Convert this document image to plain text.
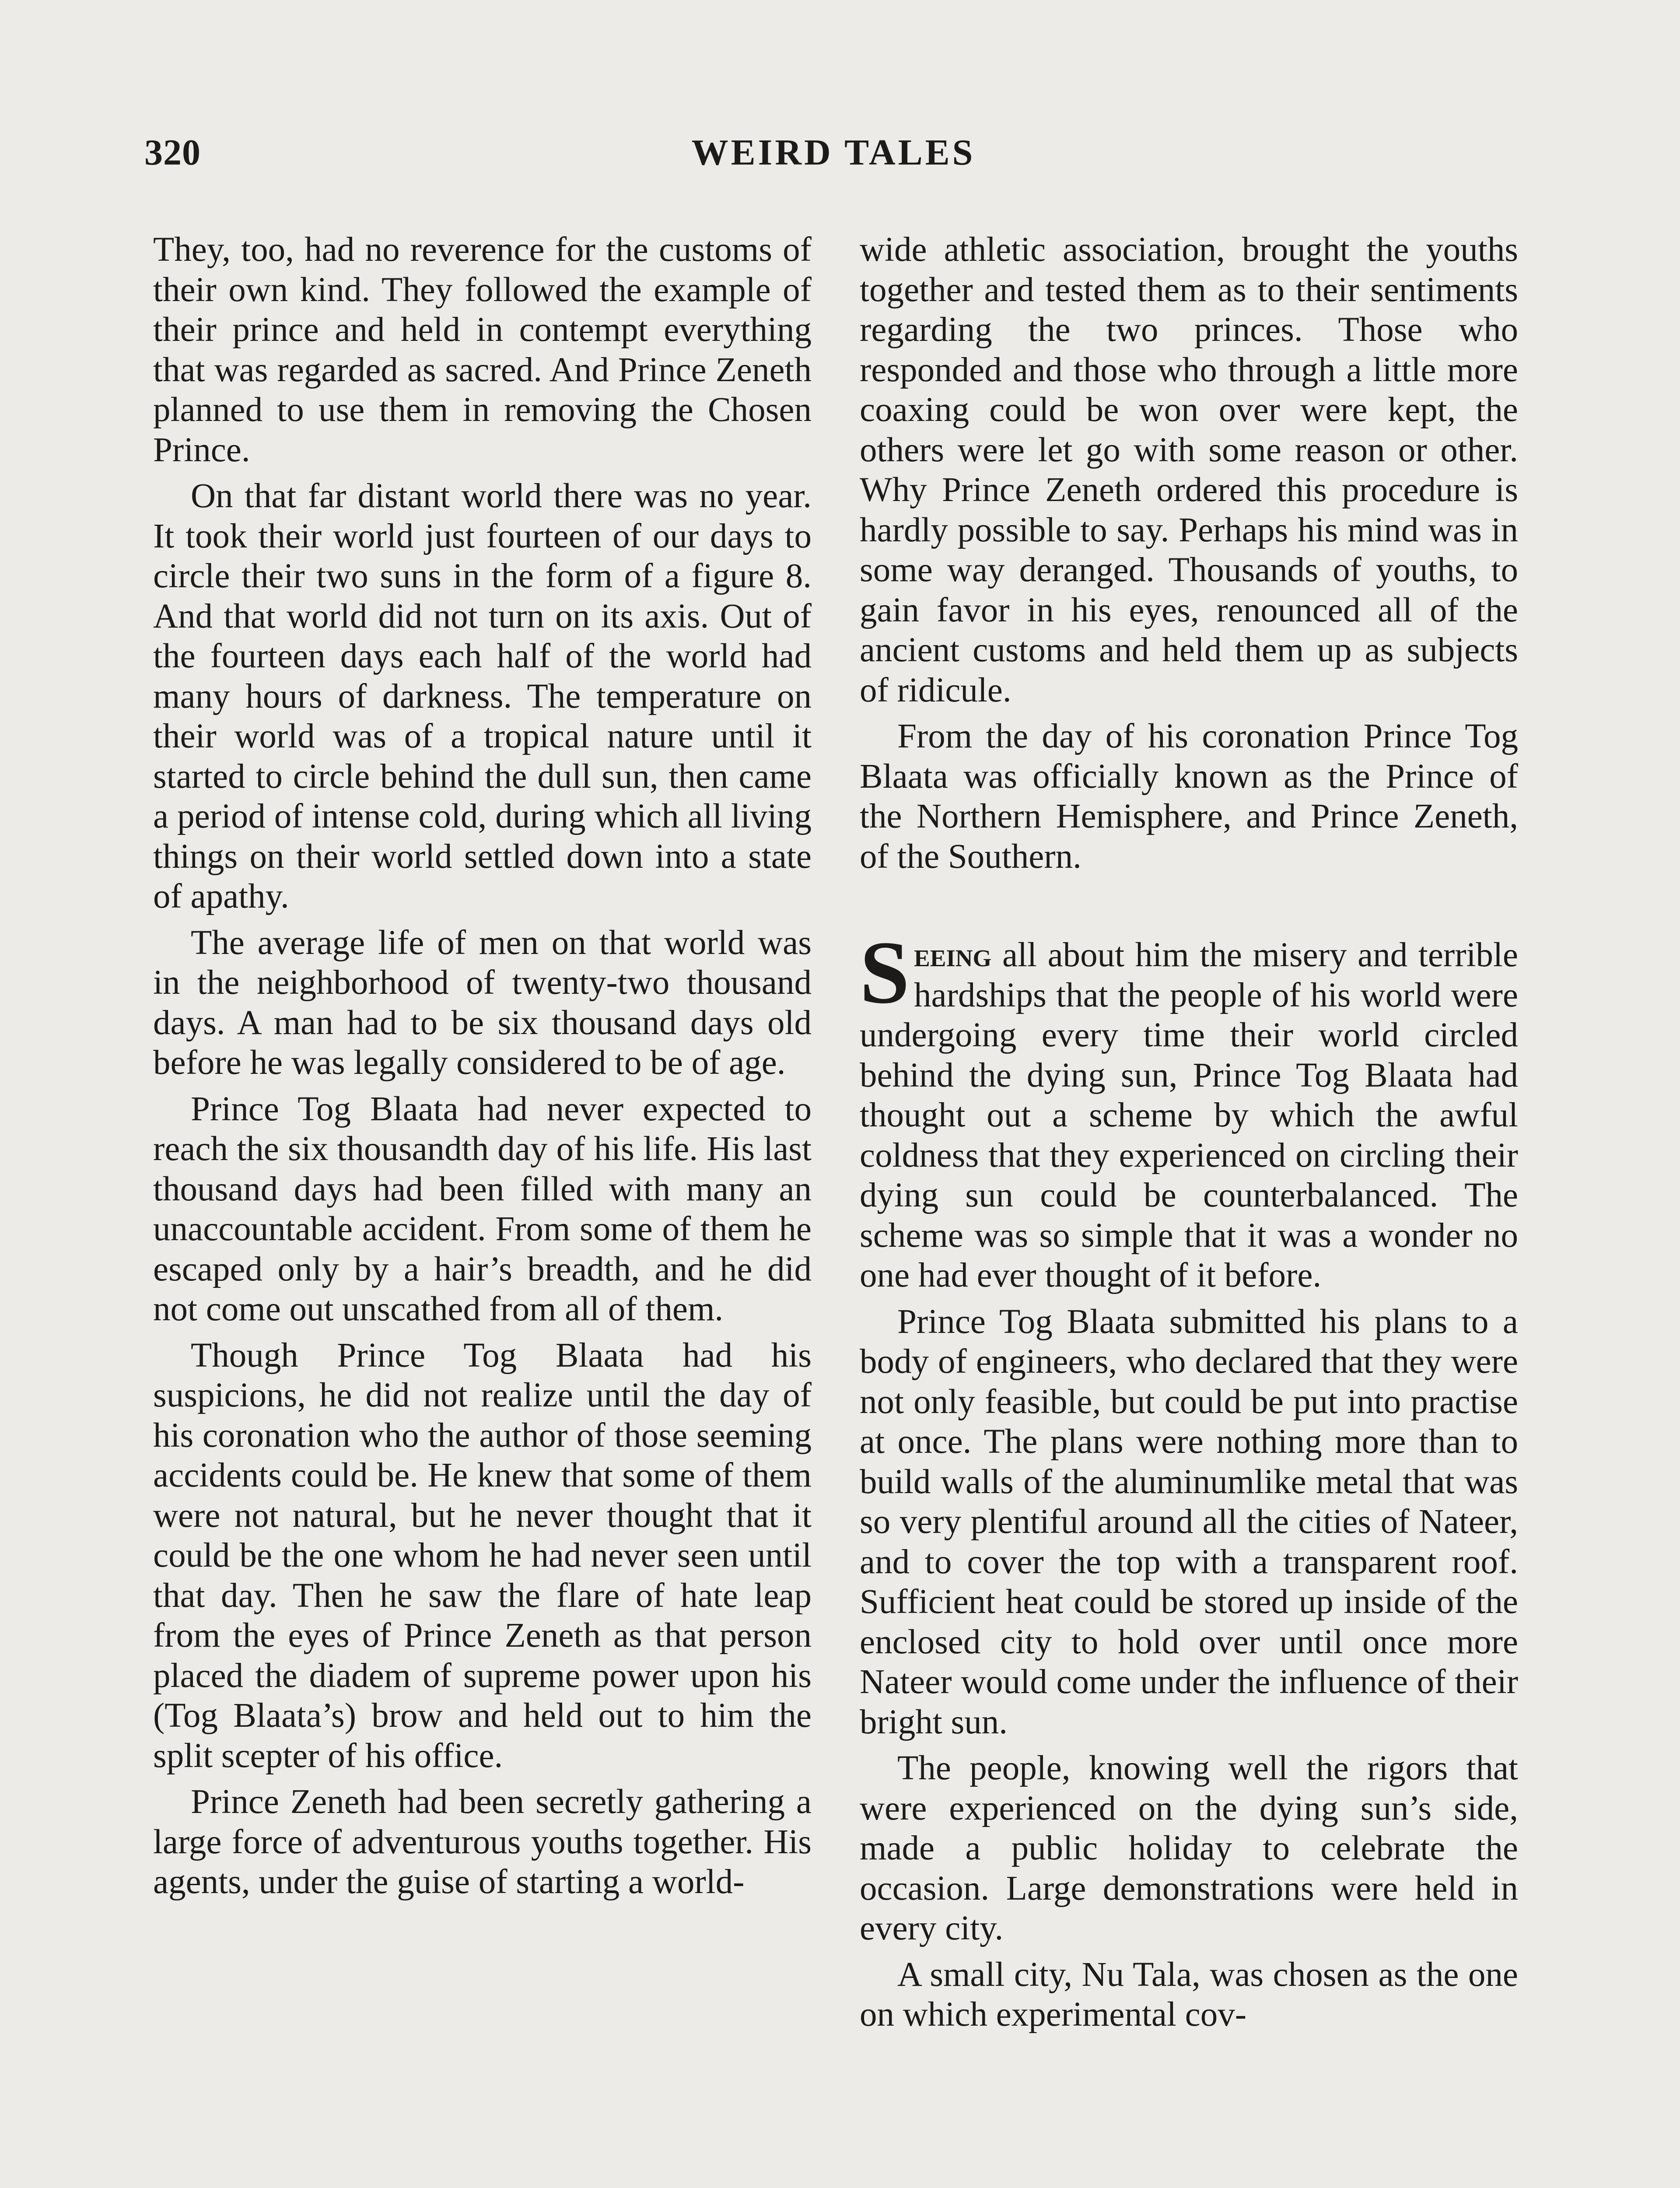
320	WEIRD TALES

They, too, had no reverence for the customs of their own kind. They followed the example of their prince and held in contempt everything that was regarded as sacred. And Prince Zeneth planned to use them in removing the Chosen Prince.

On that far distant world there was no year. It took their world just fourteen of our days to circle their two suns in the form of a figure 8. And that world did not turn on its axis. Out of the fourteen days each half of the world had many hours of darkness. The temperature on their world was of a tropical nature until it started to circle behind the dull sun, then came a period of intense cold, during which all living things on their world settled down into a state of apathy.

The average life of men on that world was in the neighborhood of twenty-two thousand days. A man had to be six thousand days old before he was legally considered to be of age.

Prince Tog Blaata had never expected to reach the six thousandth day of his life. His last thousand days had been filled with many an unaccountable accident. From some of them he escaped only by a hair’s breadth, and he did not come out unscathed from all of them.

Though Prince Tog Blaata had his suspicions, he did not realize until the day of his coronation who the author of those seeming accidents could be. He knew that some of them were not natural, but he never thought that it could be the one whom he had never seen until that day. Then he saw the flare of hate leap from the eyes of Prince Zeneth as that person placed the diadem of supreme power upon his (Tog Blaata’s) brow and held out to him the split scepter of his office.

Prince Zeneth had been secretly gathering a large force of adventurous youths together. His agents, under the guise of starting a world-

wide athletic association, brought the youths together and tested them as to their sentiments regarding the two princes. Those who responded and those who through a little more coaxing could be won over were kept, the others were let go with some reason or other. Why Prince Zeneth ordered this procedure is hardly possible to say. Perhaps his mind was in some way deranged. Thousands of youths, to gain favor in his eyes, renounced all of the ancient customs and held them up as subjects of ridicule.

From the day of his coronation Prince Tog Blaata was officially known as the Prince of the Northern Hemisphere, and Prince Zeneth, of the Southern.

Seeing all about him the misery and terrible hardships that the people of his world were undergoing every time their world circled behind the dying sun, Prince Tog Blaata had thought out a scheme by which the awful coldness that they experienced on circling their dying sun could be counterbalanced. The scheme was so simple that it was a wonder no one had ever thought of it before.

Prince Tog Blaata submitted his plans to a body of engineers, who declared that they were not only feasible, but could be put into practise at once. The plans were nothing more than to build walls of the aluminumlike metal that was so very plentiful around all the cities of Nateer, and to cover the top with a transparent roof. Sufficient heat could be stored up inside of the enclosed city to hold over until once more Nateer would come under the influence of their bright sun.

The people, knowing well the rigors that were experienced on the dying sun’s side, made a public holiday to celebrate the occasion. Large demonstrations were held in every city.

A small city, Nu Tala, was chosen as the one on which experimental cov-
